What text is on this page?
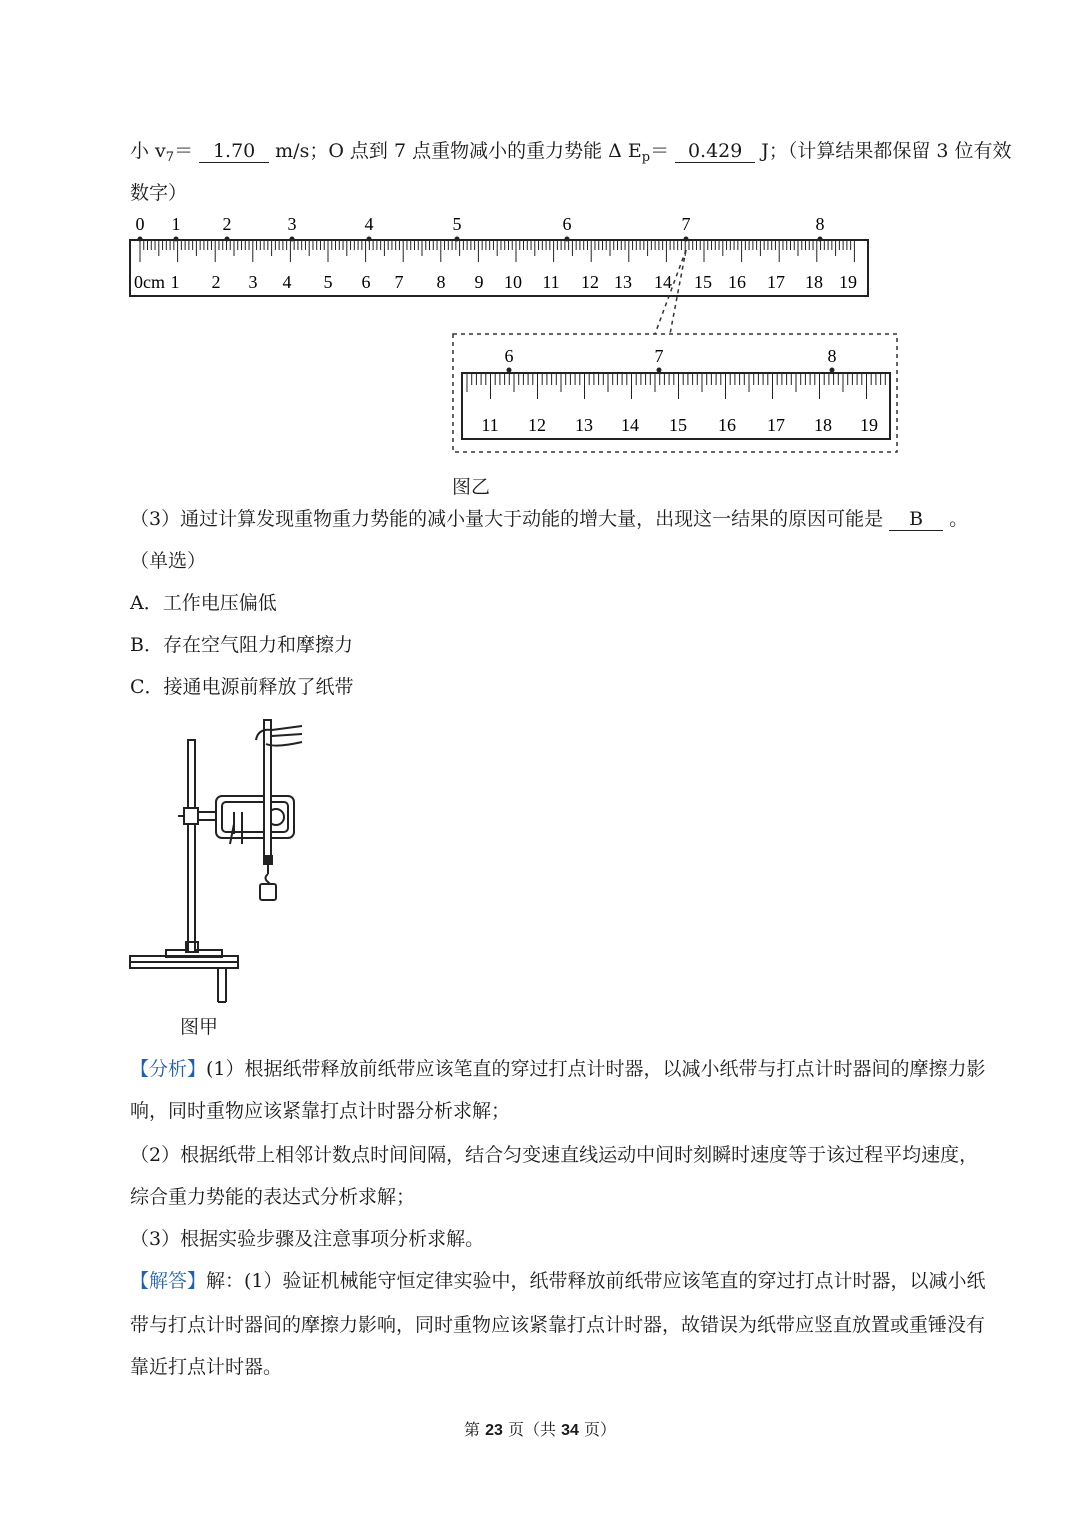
小 $v_7= 1.70$ m/s；O 点到 7 点重物减小的重力势能 Δ $E_p= 0.429$ J；（计算结果都保留 3 位有效
数字）
0 1 2	3	4	5	6	7	8
0cm 1 2 3 4 5 6 7 8 9 10 11 12 13 14 15 16 17 18 19
6	7	8
11 12 13 14 15 16 17 18 19
图乙
（3）通过计算发现重物重力势能的减小量大于动能的增大量，出现这一结果的原因可能是 B 。
（单选）
A．工作电压偏低
B．存在空气阻力和摩擦力
C．接通电源前释放了纸带
图甲
【分析】(1）根据纸带释放前纸带应该笔直的穿过打点计时器，以减小纸带与打点计时器间的摩擦力影
响，同时重物应该紧靠打点计时器分析求解；
（2）根据纸带上相邻计数点时间间隔，结合匀变速直线运动中间时刻瞬时速度等于该过程平均速度，
综合重力势能的表达式分析求解；
（3）根据实验步骤及注意事项分析求解。
【解答】解：(1）验证机械能守恒定律实验中，纸带释放前纸带应该笔直的穿过打点计时器，以减小纸
带与打点计时器间的摩擦力影响，同时重物应该紧靠打点计时器，故错误为纸带应竖直放置或重锤没有
靠近打点计时器。
第 23 页（共 34 页）
